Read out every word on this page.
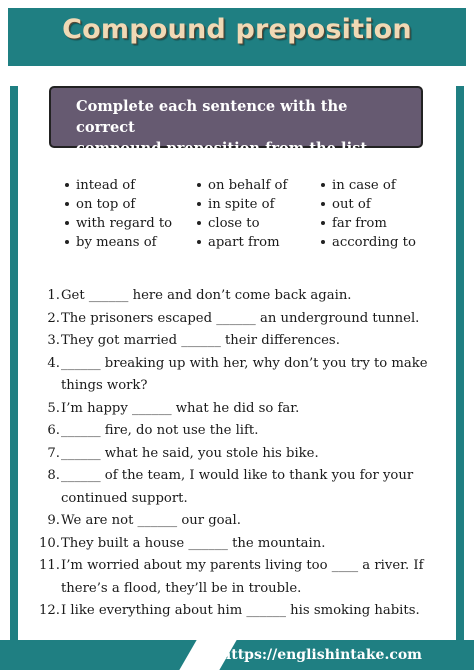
Compound preposition
Complete each sentence with the correct
compound preposition from the list.
intead of
on top of
with regard to
by means of
on behalf of
in spite of
close to
apart from
in case of
out of
far from
according to
1. Get ______ here and don’t come back again.
2. The prisoners escaped ______ an underground tunnel.
3. They got married ______ their differences.
4. ______ breaking up with her, why don’t you try to make things work?
5. I’m happy ______ what he did so far.
6. ______ fire, do not use the lift.
7. ______ what he said, you stole his bike.
8. ______ of the team, I would like to thank you for your continued support.
9. We are not ______ our goal.
10. They built a house ______ the mountain.
11. I’m worried about my parents living too ____ a river. If there’s a flood, they’ll be in trouble.
12. I like everything about him ______ his smoking habits.
https://englishintake.com
